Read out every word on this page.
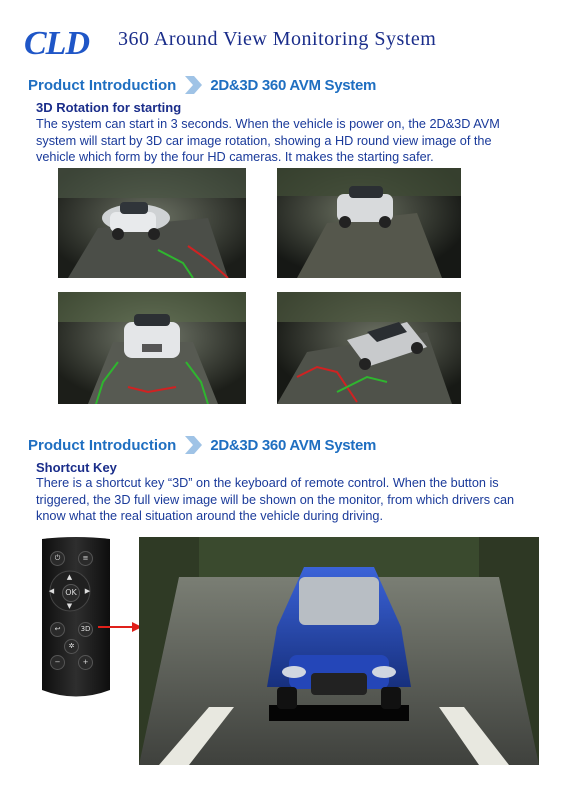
CLD 360 Around View Monitoring System
Product Introduction 2D&3D 360 AVM System
3D Rotation for starting
The system can start in 3 seconds. When the vehicle is power on, the 2D&3D AVM system will start by 3D car image rotation, showing a HD round view image of the vehicle which form by the four HD cameras. It makes the starting safer.
Product Introduction 2D&3D 360 AVM System
Shortcut Key
There is a shortcut key “3D” on the keyboard of remote control. When the button is triggered, the 3D full view image will be shown on the monitor, from which drivers can know what the real situation around the vehicle during driving.
⏻	≡
▲
◀	▶
▼
OK
↩	3D
✲
−	+
